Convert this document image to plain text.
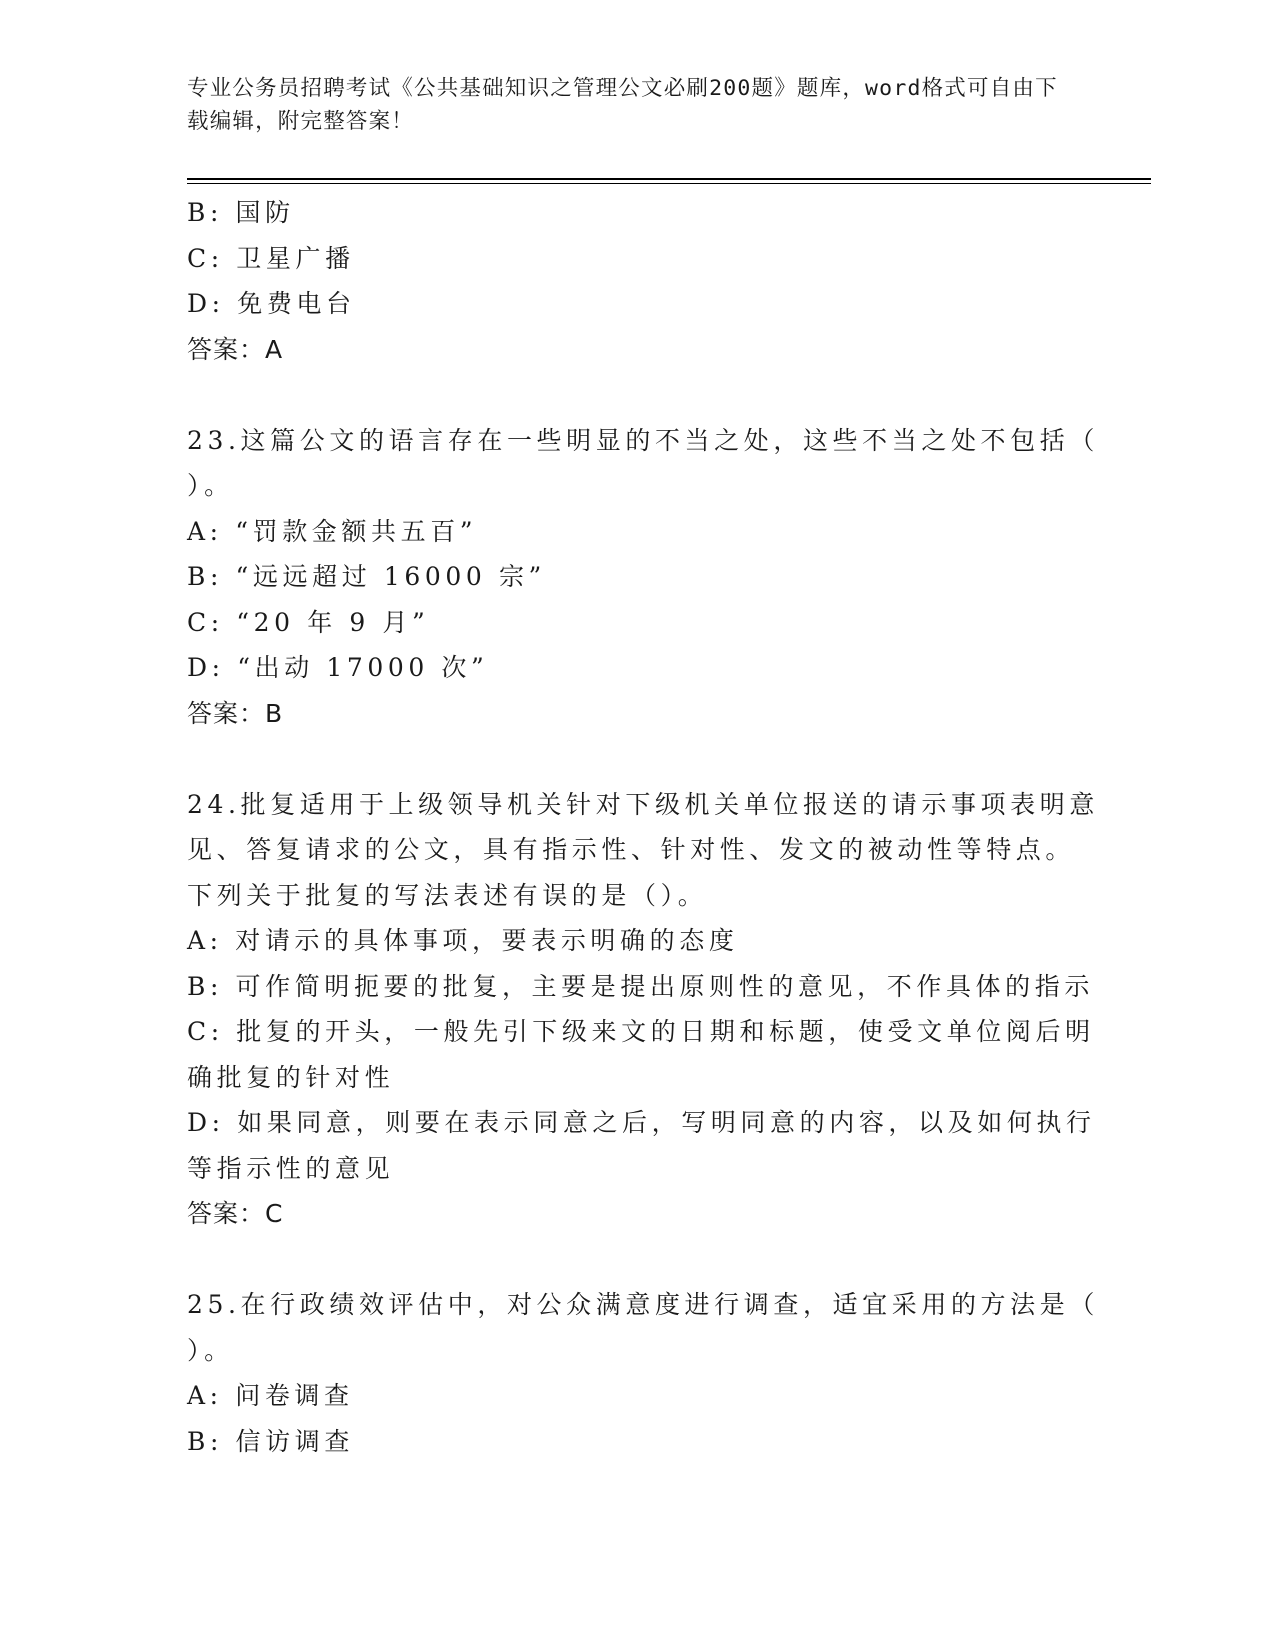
专业公务员招聘考试《公共基础知识之管理公文必刷200题》题库，word格式可自由下载编辑，附完整答案！
B: 国防
C: 卫星广播
D: 免费电台
答案：A
23.这篇公文的语言存在一些明显的不当之处，这些不当之处不包括（
）。
A: “罚款金额共五百”
B: “远远超过 16000 宗”
C: “20 年 9 月”
D: “出动 17000 次”
答案：B
24.批复适用于上级领导机关针对下级机关单位报送的请示事项表明意
见、答复请求的公文，具有指示性、针对性、发文的被动性等特点。
下列关于批复的写法表述有误的是（）。
A: 对请示的具体事项，要表示明确的态度
B: 可作简明扼要的批复，主要是提出原则性的意见，不作具体的指示
C: 批复的开头，一般先引下级来文的日期和标题，使受文单位阅后明
确批复的针对性
D: 如果同意，则要在表示同意之后，写明同意的内容，以及如何执行
等指示性的意见
答案：C
25.在行政绩效评估中，对公众满意度进行调查，适宜采用的方法是（
）。
A: 问卷调查
B: 信访调查
